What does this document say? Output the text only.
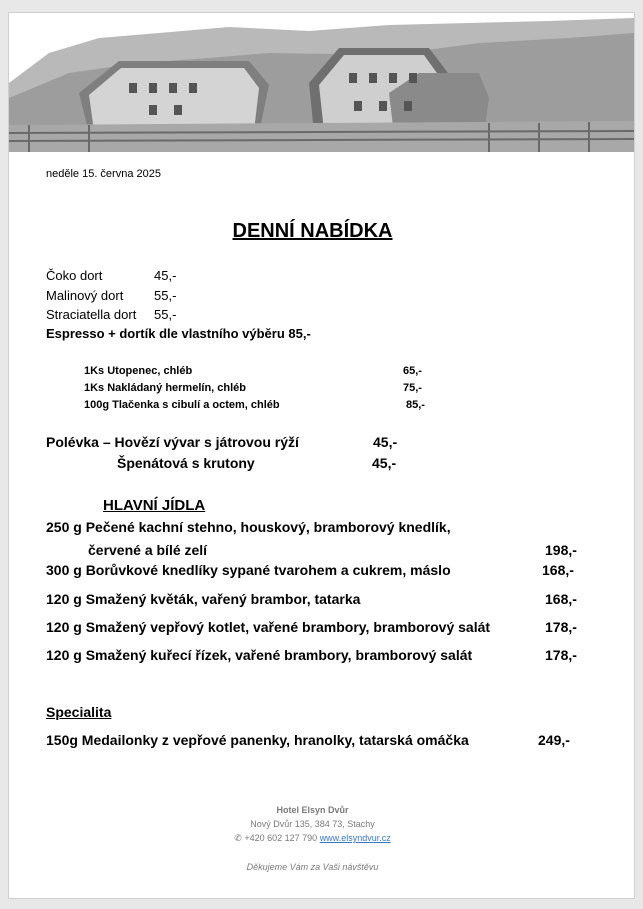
neděle 15. června 2025
DENNÍ NABÍDKA
Čoko dort	45,-
Malinový dort 55,-
Straciatella dort 55,-
Espresso + dortík dle vlastního výběru 85,-
1Ks Utopenec, chléb	65,-
1Ks Nakládaný hermelín, chléb	75,-
100g Tlačenka s cibulí a octem, chléb	85,-
Polévka – Hovězí vývar s játrovou rýží	45,-
Špenátová s krutony	45,-
HLAVNÍ JÍDLA
250 g Pečené kachní stehno, houskový, bramborový knedlík,
červené a bílé zelí	198,-
300 g Borůvkové knedlíky sypané tvarohem a cukrem, máslo	168,-
120 g Smažený květák, vařený brambor, tatarka	168,-
120 g Smažený vepřový kotlet, vařené brambory, bramborový salát	178,-
120 g Smažený kuřecí řízek, vařené brambory, bramborový salát	178,-
Specialita
150g Medailonky z vepřové panenky, hranolky, tatarská omáčka	249,-
Hotel Elsyn Dvůr
Nový Dvůr 135, 384 73, Stachy
✆ +420 602 127 790 www.elsyndvur.cz
Děkujeme Vám za Vaši návštěvu
